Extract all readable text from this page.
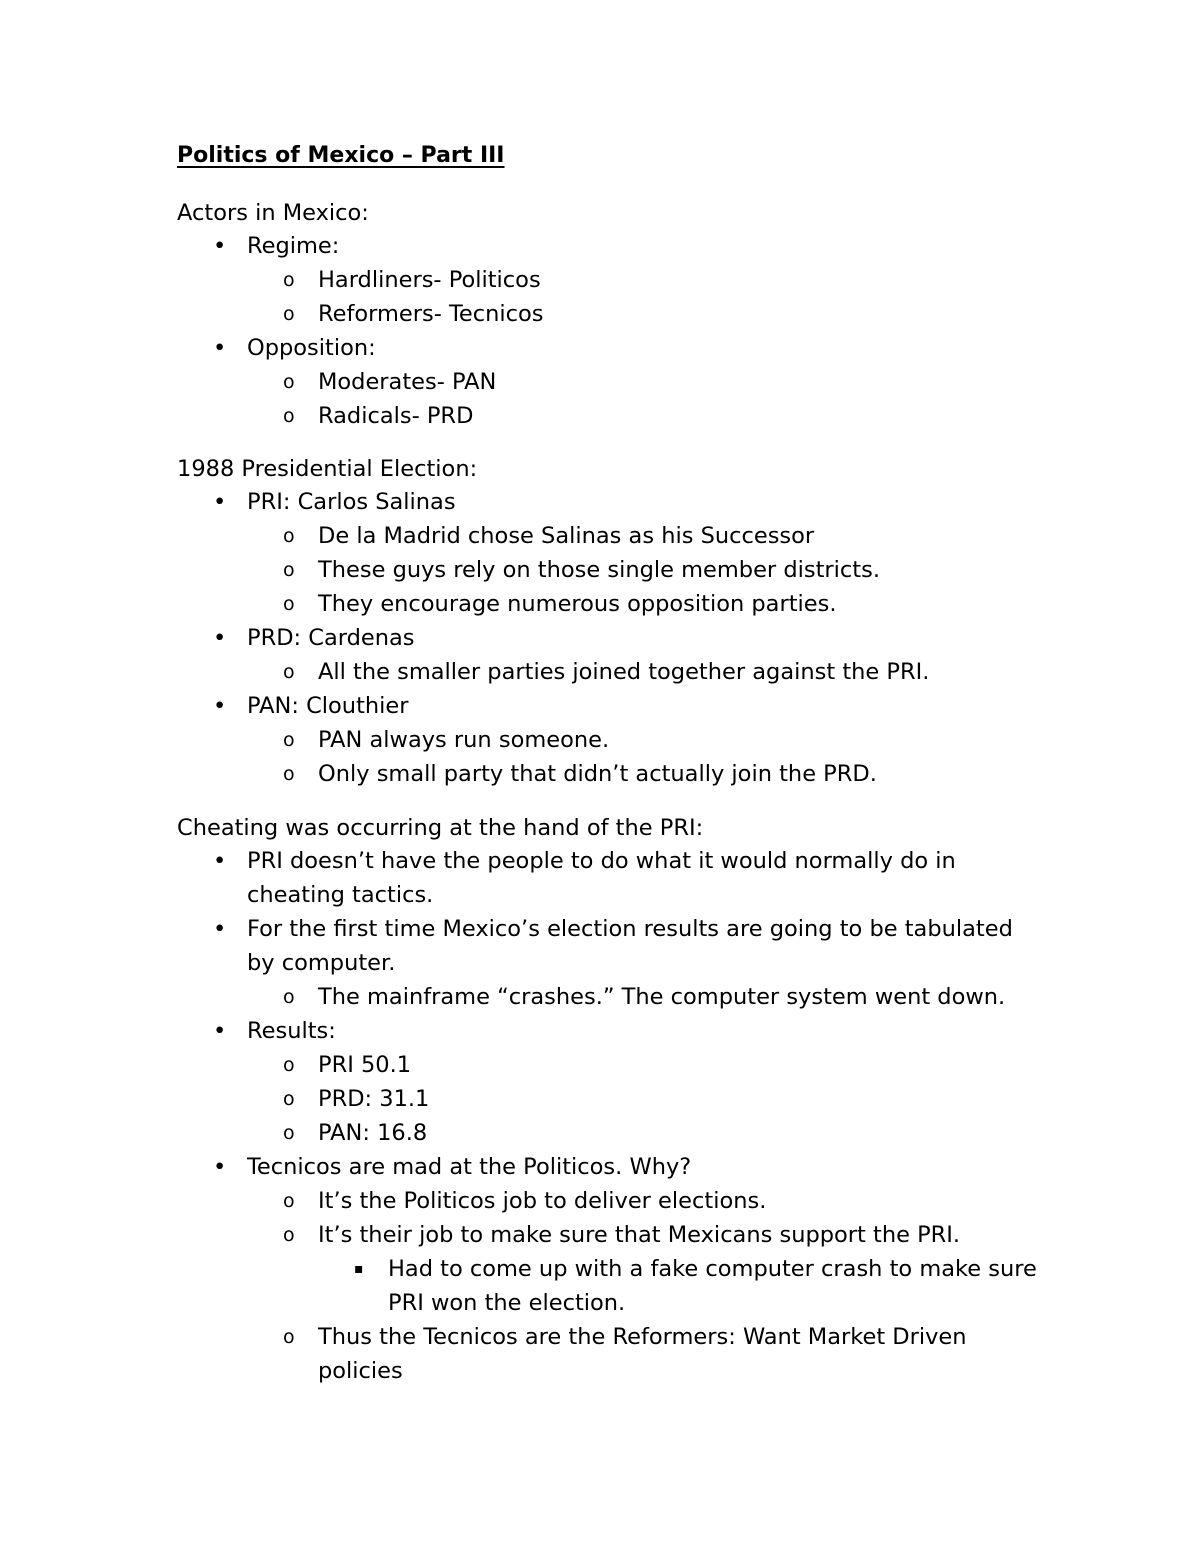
Politics of Mexico – Part III
Actors in Mexico:
• Regime:
o Hardliners- Politicos
o Reformers- Tecnicos
• Opposition:
o Moderates- PAN
o Radicals- PRD
1988 Presidential Election:
• PRI: Carlos Salinas
o De la Madrid chose Salinas as his Successor
o These guys rely on those single member districts.
o They encourage numerous opposition parties.
• PRD: Cardenas
o All the smaller parties joined together against the PRI.
• PAN: Clouthier
o PAN always run someone.
o Only small party that didn’t actually join the PRD.
Cheating was occurring at the hand of the PRI:
• PRI doesn’t have the people to do what it would normally do in cheating tactics.
• For the first time Mexico’s election results are going to be tabulated by computer.
o The mainframe “crashes.” The computer system went down.
• Results:
o PRI 50.1
o PRD: 31.1
o PAN: 16.8
• Tecnicos are mad at the Politicos. Why?
o It’s the Politicos job to deliver elections.
o It’s their job to make sure that Mexicans support the PRI.
▪ Had to come up with a fake computer crash to make sure PRI won the election.
o Thus the Tecnicos are the Reformers: Want Market Driven policies
